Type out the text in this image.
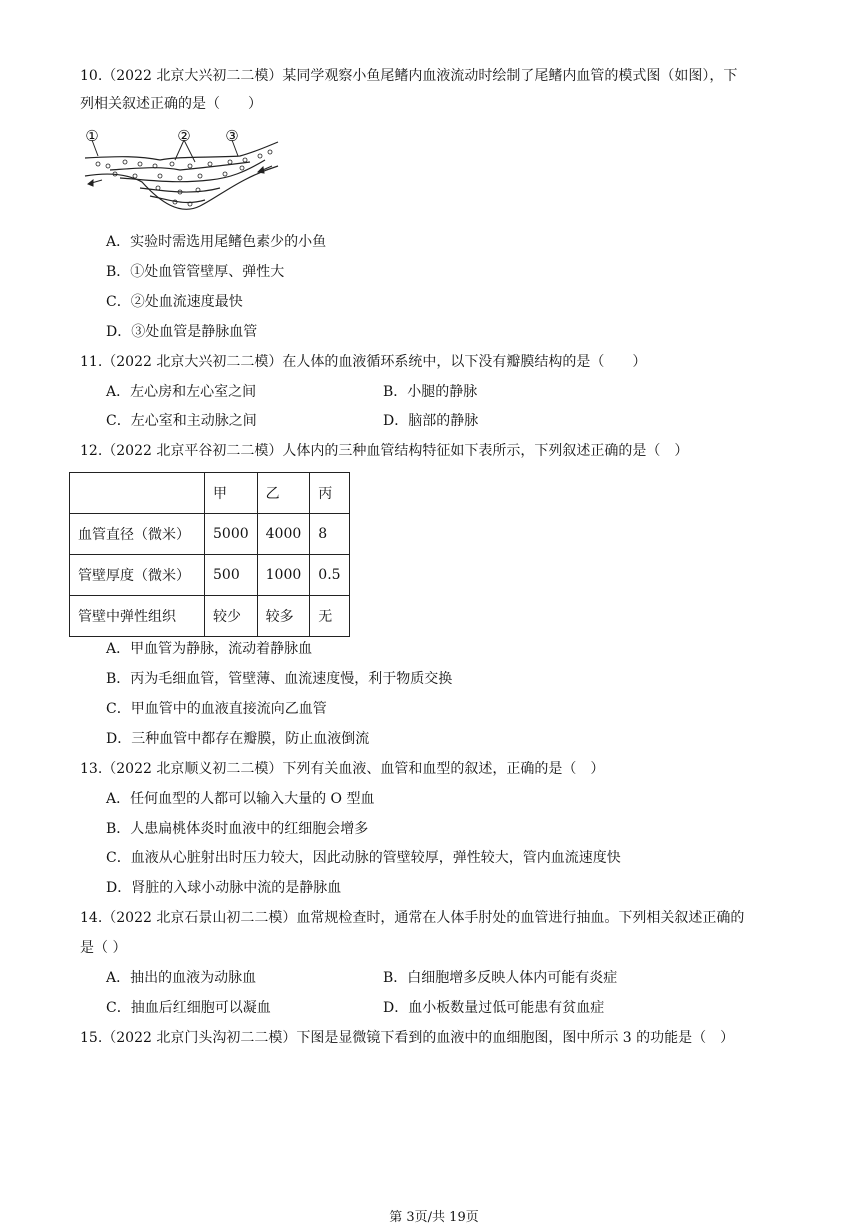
10.（2022 北京大兴初二二模）某同学观察小鱼尾鳍内血液流动时绘制了尾鳍内血管的模式图（如图），下
列相关叙述正确的是（　　）
①	② ③
A．实验时需选用尾鳍色素少的小鱼
B．①处血管管壁厚、弹性大
C．②处血流速度最快
D．③处血管是静脉血管
11.（2022 北京大兴初二二模）在人体的血液循环系统中，以下没有瓣膜结构的是（　　）
A．左心房和左心室之间	B．小腿的静脉
C．左心室和主动脉之间	D．脑部的静脉
12.（2022 北京平谷初二二模）人体内的三种血管结构特征如下表所示，下列叙述正确的是（　）
	甲	乙	丙
血管直径（微米）	5000	4000	8
管壁厚度（微米）	500	1000	0.5
管壁中弹性组织	较少	较多	无
A．甲血管为静脉，流动着静脉血
B．丙为毛细血管，管壁薄、血流速度慢，利于物质交换
C．甲血管中的血液直接流向乙血管
D．三种血管中都存在瓣膜，防止血液倒流
13.（2022 北京顺义初二二模）下列有关血液、血管和血型的叙述，正确的是（　）
A．任何血型的人都可以输入大量的 O 型血
B．人患扁桃体炎时血液中的红细胞会增多
C．血液从心脏射出时压力较大，因此动脉的管壁较厚，弹性较大，管内血流速度快
D．肾脏的入球小动脉中流的是静脉血
14.（2022 北京石景山初二二模）血常规检查时，通常在人体手肘处的血管进行抽血。下列相关叙述正确的
是（ ）
A．抽出的血液为动脉血	B．白细胞增多反映人体内可能有炎症
C．抽血后红细胞可以凝血	D．血小板数量过低可能患有贫血症
15.（2022 北京门头沟初二二模）下图是显微镜下看到的血液中的血细胞图，图中所示 3 的功能是（　）
第 3页/共 19页
